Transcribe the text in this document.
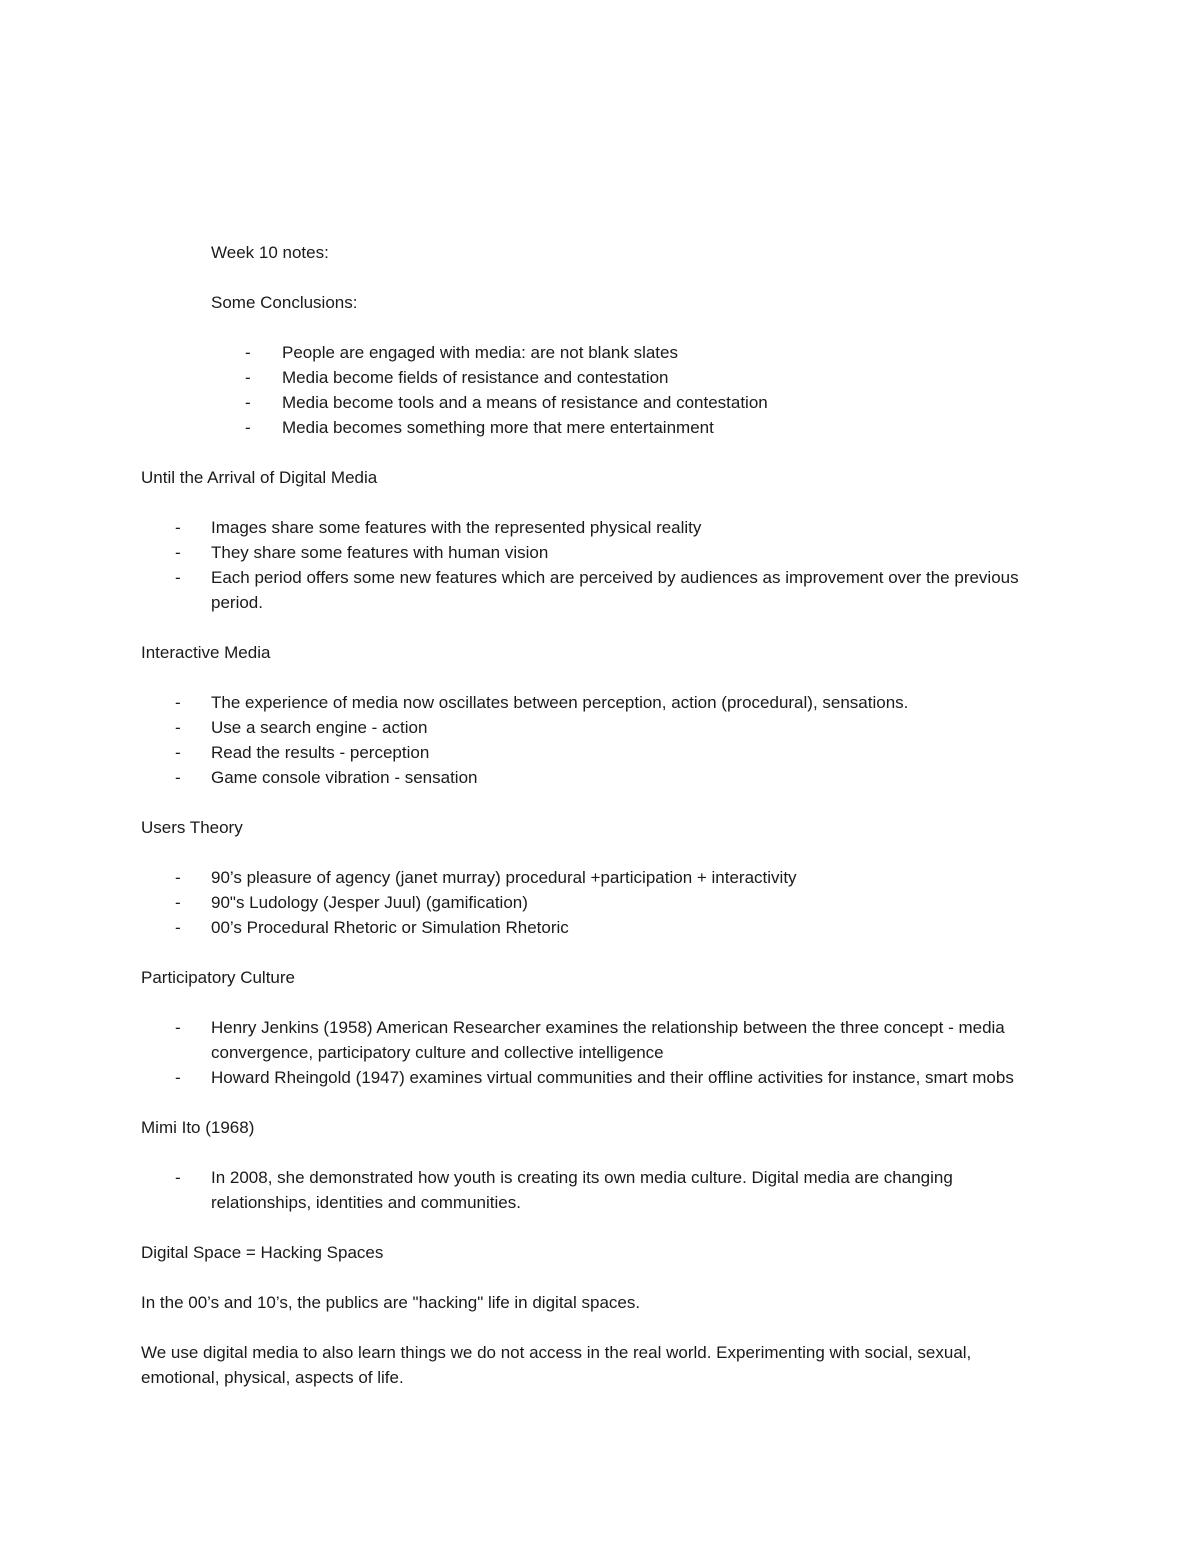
Week 10 notes:
Some Conclusions:
- People are engaged with media: are not blank slates
- Media become fields of resistance and contestation
- Media become tools and a means of resistance and contestation
- Media becomes something more that mere entertainment
Until the Arrival of Digital Media
- Images share some features with the represented physical reality
- They share some features with human vision
- Each period offers some new features which are perceived by audiences as improvement over the previous
period.
Interactive Media
- The experience of media now oscillates between perception, action (procedural), sensations.
- Use a search engine - action
- Read the results - perception
- Game console vibration - sensation
Users Theory
- 90’s pleasure of agency (janet murray) procedural +participation + interactivity
- 90"s Ludology (Jesper Juul) (gamification)
- 00’s Procedural Rhetoric or Simulation Rhetoric
Participatory Culture
- Henry Jenkins (1958) American Researcher examines the relationship between the three concept - media
convergence, participatory culture and collective intelligence
- Howard Rheingold (1947) examines virtual communities and their offline activities for instance, smart mobs
Mimi Ito (1968)
- In 2008, she demonstrated how youth is creating its own media culture. Digital media are changing
relationships, identities and communities.
Digital Space = Hacking Spaces
In the 00’s and 10’s, the publics are "hacking" life in digital spaces.
We use digital media to also learn things we do not access in the real world. Experimenting with social, sexual,
emotional, physical, aspects of life.
